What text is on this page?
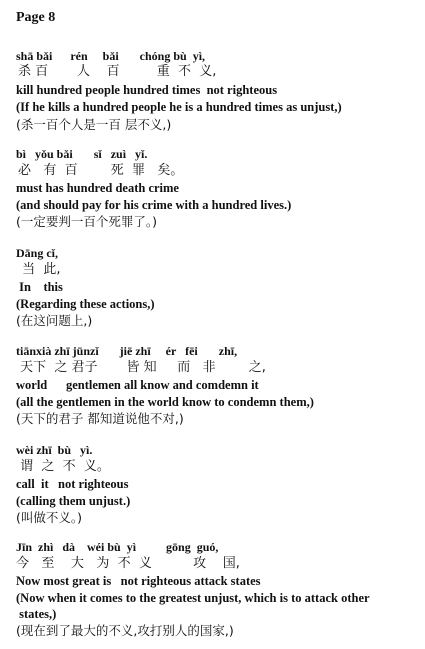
Page 8
shā bǎi      rén     bǎi       chóng bù  yì,
杀 百       人    百         重  不  义,
kill hundred people hundred times  not righteous
(If he kills a hundred people he is a hundred times as unjust,)
(杀一百个人是一百 层不义,)
bì   yǒu bǎi       sǐ   zuì   yǐ.
必   有  百        死  罪   矣。
must has hundred death crime
(and should pay for his crime with a hundred lives.)
(一定要判一百个死罪了。)
Dāng cǐ,
当  此,
In    this
(Regarding these actions,)
(在这问题上,)
tiānxià zhī jūnzǐ       jiē zhī     ér   fēi       zhī,
天下  之 君子       皆 知     而   非        之,
world      gentlemen all know and comdemn it
(all the gentlemen in the world know to condemn them,)
(天下的君子 都知道说他不对,)
wèi zhī  bù   yì.
谓  之  不  义。
call  it   not righteous
(calling them unjust.)
(叫做不义。)
Jīn  zhì   dà    wéi bù  yì          gōng  guó,
今   至    大   为  不  义          攻    国,
Now most great is   not righteous attack states
(Now when it comes to the greatest unjust, which is to attack other
states,)
(现在到了最大的不义,攻打别人的国家,)
